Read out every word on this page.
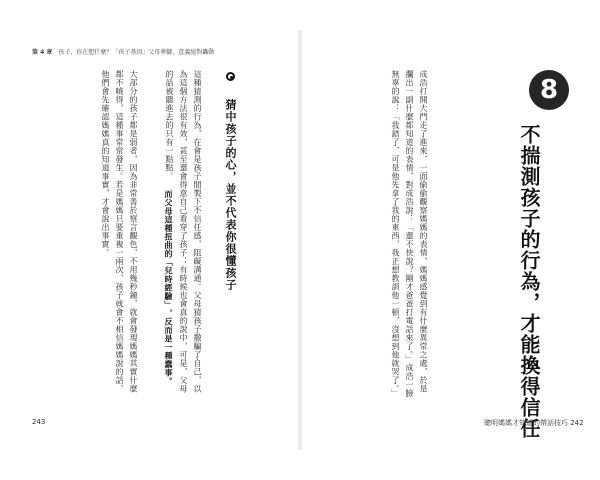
第 4 章 孩子，你在想什麼？「孩子基因」父母參腳，意義絕對轟動
大部分的孩子都是弱者，因為非常善於察言觀色，不用幾秒鐘，就會發現媽媽其實什麼都不曉得，這種事常常發生。若是媽媽只要重複一兩次，孩子就會不相信媽媽說的話，他們會先確認媽媽真的知道事實，才會說出事實。	這種猜測的行為，在會是孩子間製下不信任感，阻礙溝通。父母猜孩子撒騙了自己，以為這個方法很有效，甚至還會得意自己看穿了孩子；有時候也會真的說中，可是，父母的話被聽進去的只有一點點。 而父母這種扭曲的「兒時經驗」，反而是一種蠢事。	猜中孩子的心，並不代表你很懂孩子
243
成浩打開大門走了進來，一面偷偷觀察媽媽的表情，媽媽感覺到有什麼異常之處，於是攔出一副什麼都知道的表情，對成浩說：「還不快說？剛才爸爸打電話來了。」成浩一臉無辜的說：「我錯了，可是他先拿了我的東西，我正想教訓他一頓，沒想到他就哭了。」	8
不揣測孩子的行為，才能換得信任
聰明媽媽才知道的帶話技巧 242
